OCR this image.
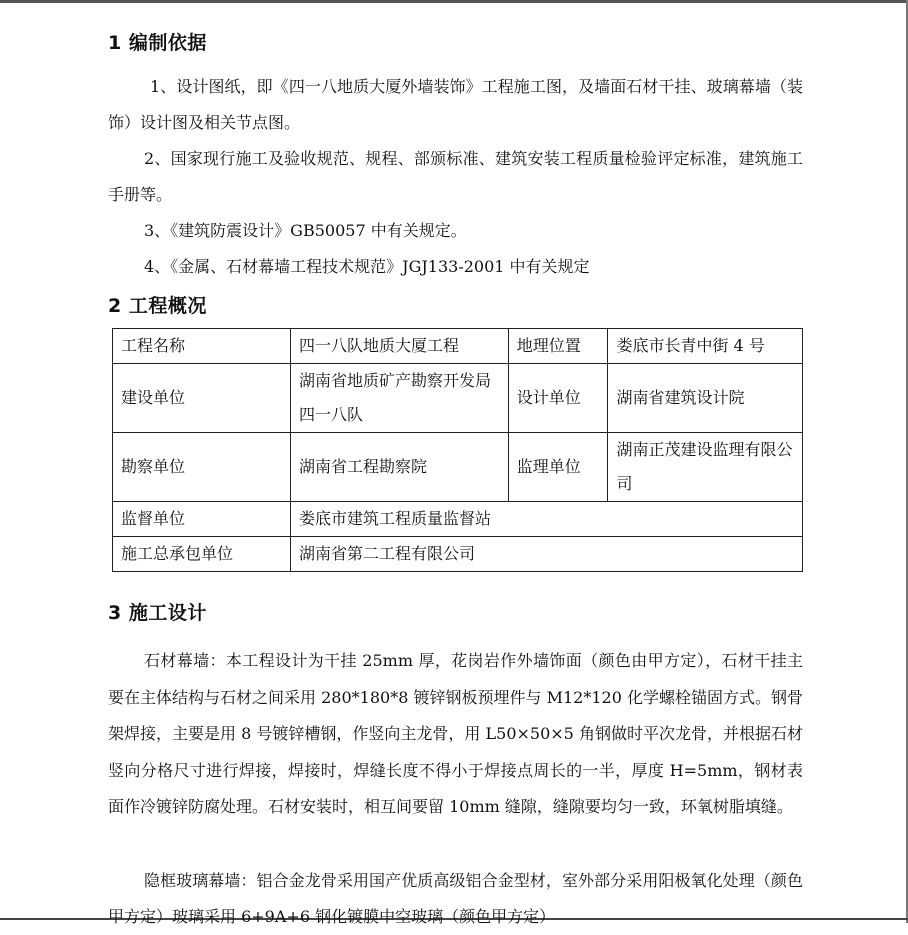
1 编制依据
1、设计图纸，即《四一八地质大厦外墙装饰》工程施工图，及墙面石材干挂、玻璃幕墙（装饰）设计图及相关节点图。
2、国家现行施工及验收规范、规程、部颁标准、建筑安装工程质量检验评定标准，建筑施工手册等。
3、《建筑防震设计》GB50057 中有关规定。
4、《金属、石材幕墙工程技术规范》JGJ133-2001 中有关规定
2 工程概况
工程名称	四一八队地质大厦工程	地理位置	娄底市长青中街 4 号
建设单位	湖南省地质矿产勘察开发局四一八队	设计单位	湖南省建筑设计院
勘察单位	湖南省工程勘察院	监理单位	湖南正茂建设监理有限公司
监督单位	娄底市建筑工程质量监督站		
施工总承包单位	湖南省第二工程有限公司		
3 施工设计
石材幕墙：本工程设计为干挂 25mm 厚，花岗岩作外墙饰面（颜色由甲方定），石材干挂主要在主体结构与石材之间采用 280*180*8 镀锌钢板预埋件与 M12*120 化学螺栓锚固方式。钢骨架焊接，主要是用 8 号镀锌槽钢，作竖向主龙骨，用 L50×50×5 角钢做时平次龙骨，并根据石材竖向分格尺寸进行焊接，焊接时，焊缝长度不得小于焊接点周长的一半，厚度 H=5mm，钢材表面作冷镀锌防腐处理。石材安装时，相互间要留 10mm 缝隙，缝隙要均匀一致，环氧树脂填缝。
隐框玻璃幕墙：铝合金龙骨采用国产优质高级铝合金型材，室外部分采用阳极氧化处理（颜色甲方定）玻璃采用 6+9A+6 钢化镀膜中空玻璃（颜色甲方定）
